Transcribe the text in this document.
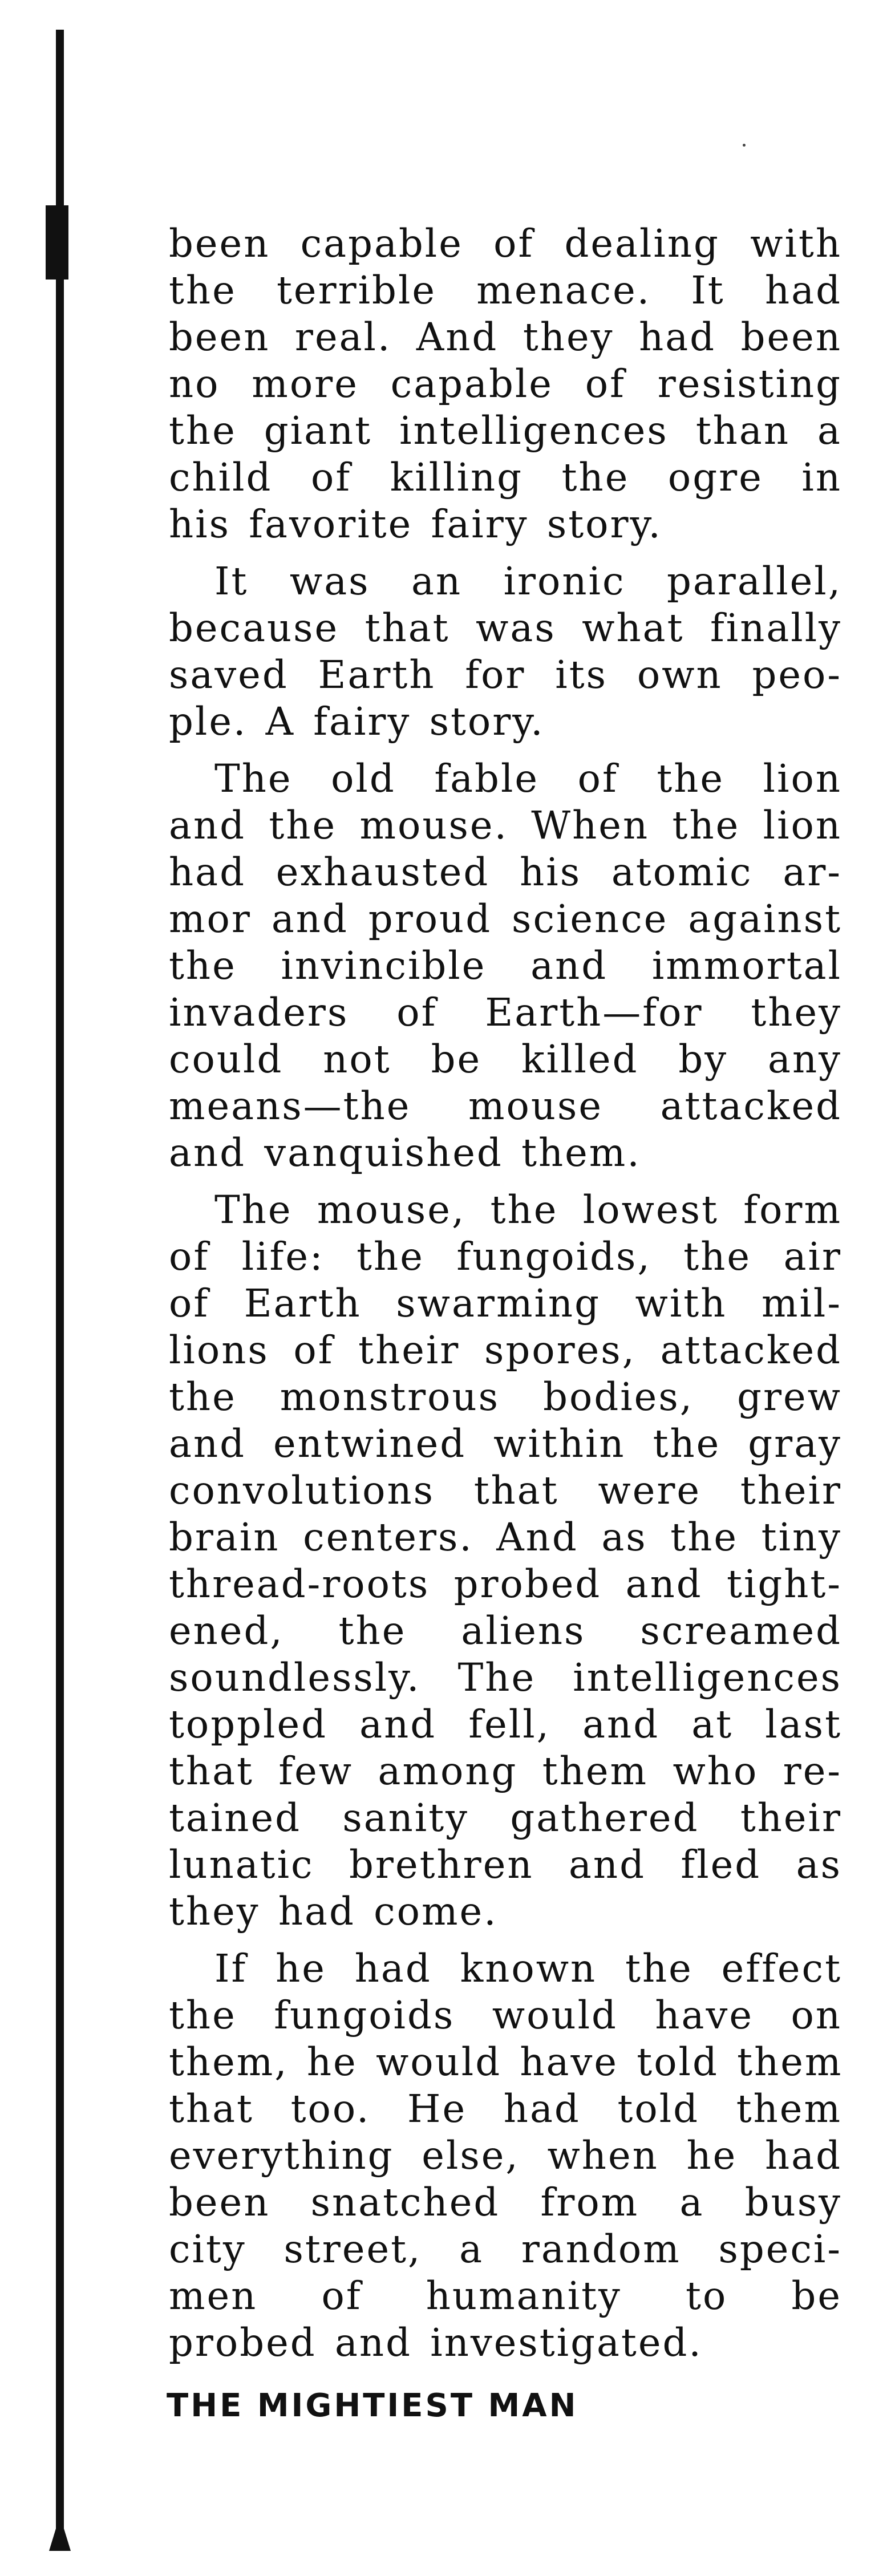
been capable of dealing with
the terrible menace. It had
been real. And they had been
no more capable of resisting
the giant intelligences than a
child of killing the ogre in
his favorite fairy story.

It was an ironic parallel,
because that was what finally
saved Earth for its own peo-
ple. A fairy story.

The old fable of the lion
and the mouse. When the lion
had exhausted his atomic ar-
mor and proud science against
the invincible and immortal
invaders of Earth—for they
could not be killed by any
means—the mouse attacked
and vanquished them.

The mouse, the lowest form
of life: the fungoids, the air
of Earth swarming with mil-
lions of their spores, attacked
the monstrous bodies, grew
and entwined within the gray
convolutions that were their
brain centers. And as the tiny
thread-roots probed and tight-
ened, the aliens screamed
soundlessly. The intelligences
toppled and fell, and at last
that few among them who re-
tained sanity gathered their
lunatic brethren and fled as
they had come.

If he had known the effect
the fungoids would have on
them, he would have told them
that too. He had told them
everything else, when he had
been snatched from a busy
city street, a random speci-
men of humanity to be
probed and investigated.

THE MIGHTIEST MAN
